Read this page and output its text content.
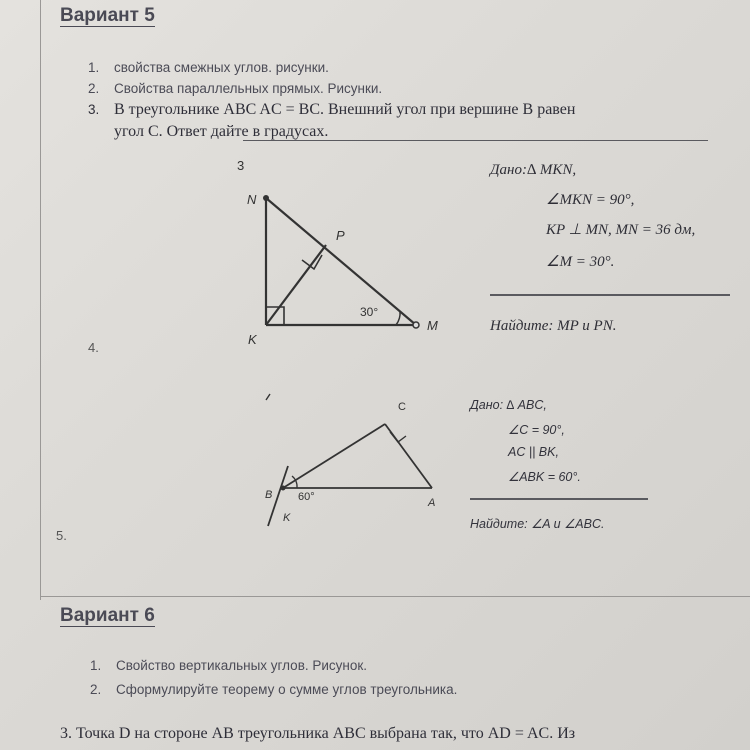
Вариант 5
1. свойства смежных углов. рисунки.
2. Свойства параллельных прямых. Рисунки.
3. В треугольнике ABC AC = BC. Внешний угол при вершине B равен
угол C. Ответ дайте в градусах.
4.
N
P
K
M
30°
3
C
B
A
K
60°
Дано:∆ MKN,
∠MKN = 90°,
KP ⊥ MN, MN = 36 дм,
∠M = 30°.
Найдите: MP и PN.
5.
Дано: ∆ ABC,
∠C = 90°,
AC || BK,
∠ABK = 60°.
Найдите: ∠A и ∠ABC.
Вариант 6
1. Свойство вертикальных углов. Рисунок.
2. Сформулируйте теорему о сумме углов треугольника.
3. Точка D на стороне AB треугольника ABC выбрана так, что AD = AC. Из
